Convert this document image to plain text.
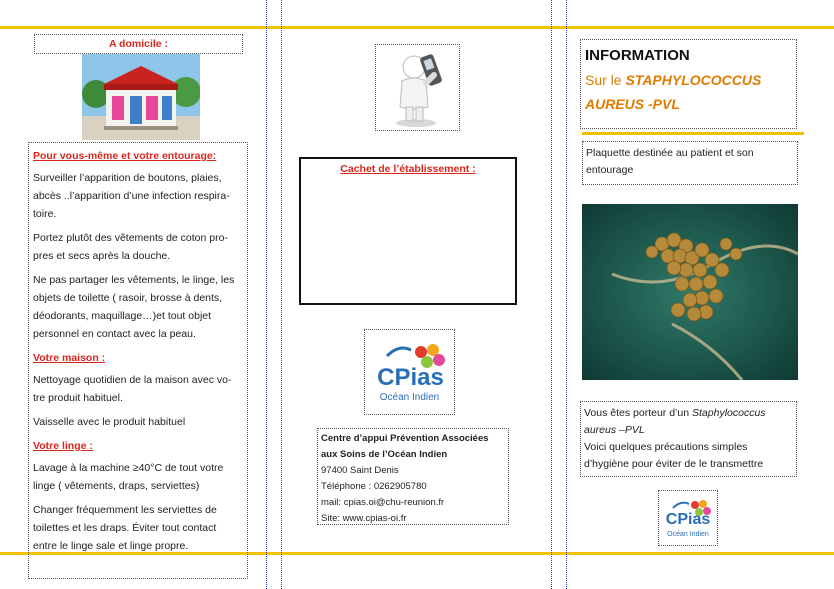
A domicile :

Pour vous-même et votre entourage:

Surveiller l’apparition de boutons, plaies, abcès ..l’apparition d’une infection respira-toire.

Portez plutôt des vêtements de coton pro-pres et secs après la douche.

Ne pas partager les vêtements, le linge, les objets de toilette ( rasoir, brosse à dents, déodorants, maquillage…)et tout objet personnel en contact avec la peau.

Votre maison :

Nettoyage quotidien de la maison avec vo-tre produit habituel.

Vaisselle avec le produit habituel

Votre linge :

Lavage à la machine ≥40°C de tout votre linge ( vêtements, draps, serviettes)

Changer fréquemment les serviettes de toilettes et les draps. Éviter tout contact entre le linge sale et linge propre.

Cachet de l’établissement :
CPias
Océan Indien

Centre d’appui Prévention Associées

aux Soins de l’Océan Indien

97400 Saint Denis

Téléphone : 0262905780

mail: cpias.oi@chu-reunion.fr

Site: www.cpias-oi.fr

INFORMATION
Sur le STAPHYLOCOCCUS AUREUS -PVL

Plaquette destinée au patient et son entourage

Vous êtes porteur d’un Staphylococcus aureus –PVL

Voici quelques précautions simples d’hygiène pour éviter de le transmettre

CPias
Océan Indien
